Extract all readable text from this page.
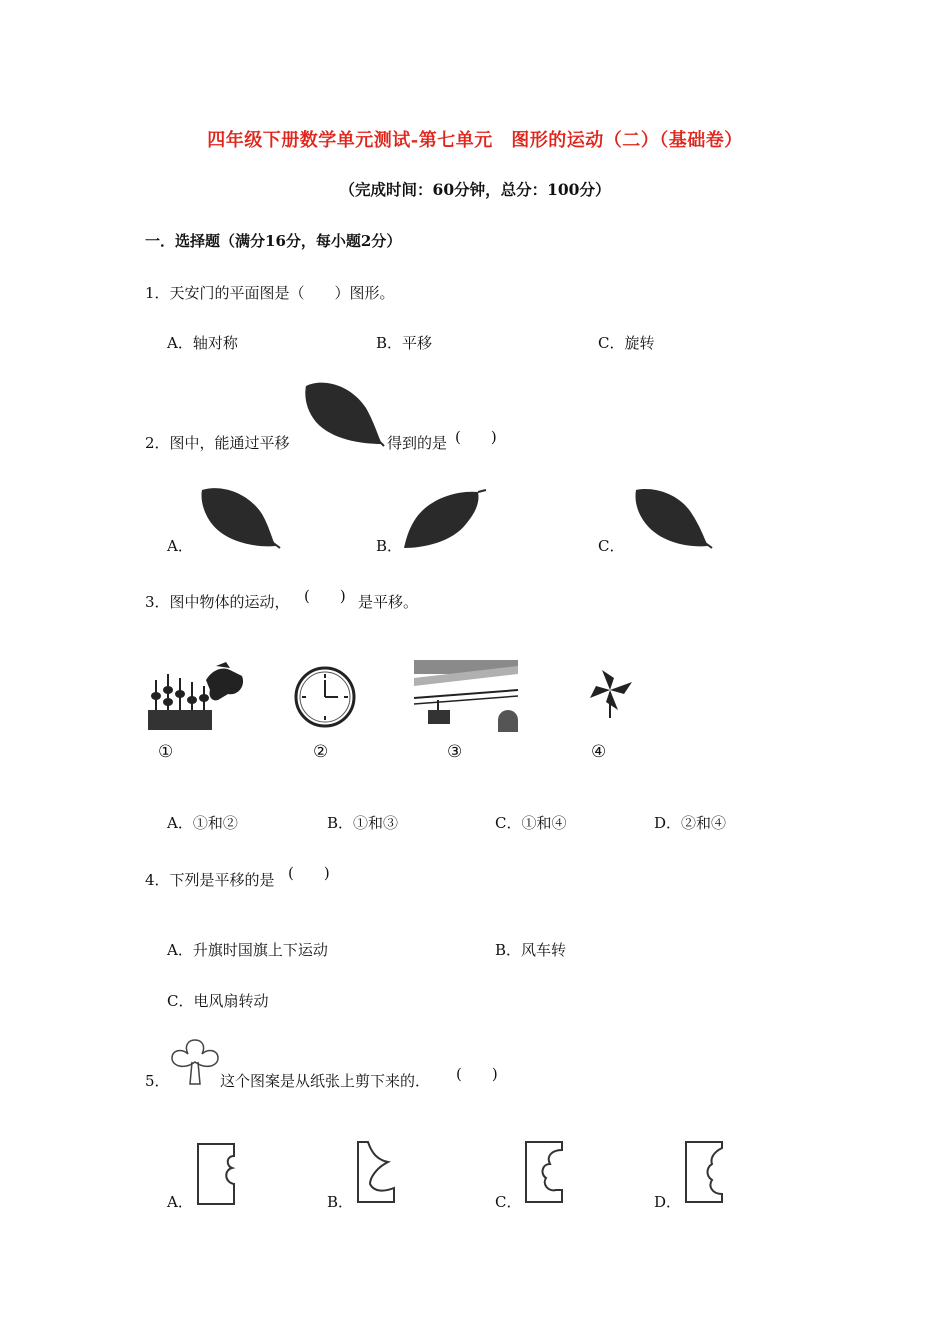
四年级下册数学单元测试-第七单元　图形的运动（二）（基础卷）
（完成时间：60分钟，总分：100分）
一．选择题（满分16分，每小题2分）
1．天安门的平面图是（　　）图形。
A．轴对称	B．平移	C．旋转
2．图中，能通过平移	得到的是 (　　)
A．	B．	C．
3．图中物体的运动， (　　) 是平移。
①	②	③	④
A．①和②	B．①和③	C．①和④	D．②和④
4．下列是平移的是 (　　)
A．升旗时国旗上下运动	B．风车转
C．电风扇转动
5．	这个图案是从纸张上剪下来的． (　　)
A．	B．	C．	D．
